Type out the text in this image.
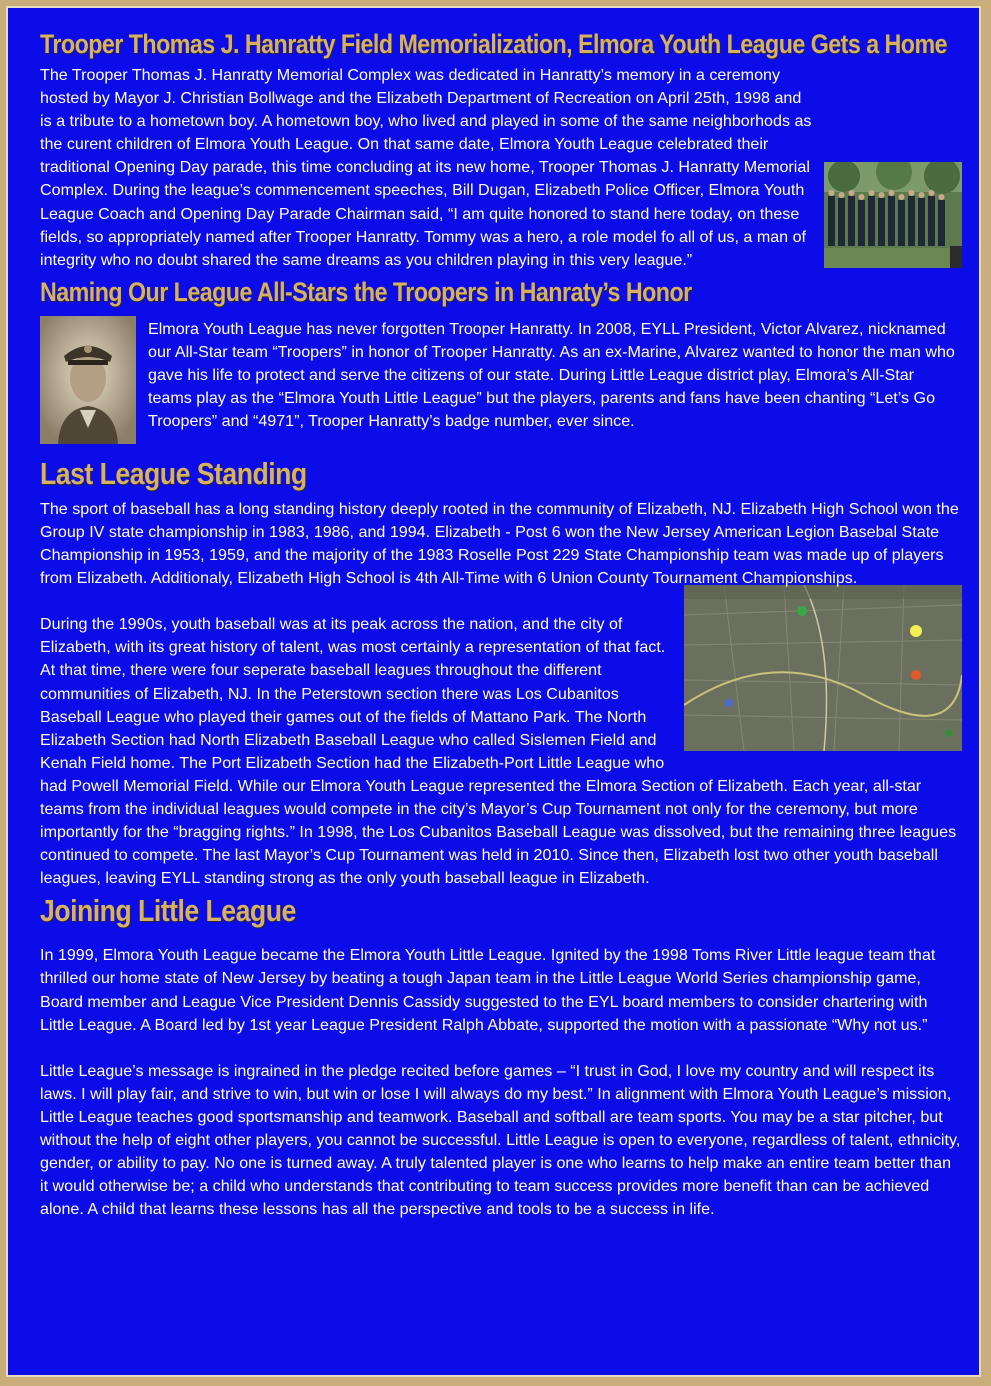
Trooper Thomas J. Hanratty Field Memorialization, Elmora Youth League Gets a Home

The Trooper Thomas J. Hanratty Memorial Complex was dedicated in Hanratty’s memory in a ceremony hosted by Mayor J. Christian Bollwage and the Elizabeth Department of Recreation on April 25th, 1998 and is a tribute to a hometown boy. A hometown boy, who lived and played in some of the same neighborhods as the curent children of Elmora Youth League. On that same date, Elmora Youth League celebrated their traditional Opening Day parade, this time concluding at its new home, Trooper Thomas J. Hanratty Memorial Complex. During the league’s commencement speeches, Bill Dugan, Elizabeth Police Officer, Elmora Youth League Coach and Opening Day Parade Chairman said, “I am quite honored to stand here today, on these fields, so appropriately named after Trooper Hanratty. Tommy was a hero, a role model fo all of us, a man of integrity who no doubt shared the same dreams as you children playing in this very league.”

Naming Our League All-Stars the Troopers in Hanraty’s Honor

Elmora Youth League has never forgotten Trooper Hanratty. In 2008, EYLL President, Victor Alvarez, nicknamed our All-Star team “Troopers” in honor of Trooper Hanratty. As an ex-Marine, Alvarez wanted to honor the man who gave his life to protect and serve the citizens of our state. During Little League district play, Elmora’s All-Star teams play as the “Elmora Youth Little League” but the players, parents and fans have been chanting “Let’s Go Troopers” and “4971”, Trooper Hanratty’s badge number, ever since.

Last League Standing

The sport of baseball has a long standing history deeply rooted in the community of Elizabeth, NJ. Elizabeth High School won the Group IV state championship in 1983, 1986, and 1994. Elizabeth - Post 6 won the New Jersey American Legion Basebal State Championship in 1953, 1959, and the majority of the 1983 Roselle Post 229 State Championship team was made up of players from Elizabeth. Additionaly, Elizabeth High School is 4th All-Time with 6 Union County Tournament Championships.

During the 1990s, youth baseball was at its peak across the nation, and the city of Elizabeth, with its great history of talent, was most certainly a representation of that fact. At that time, there were four seperate baseball leagues throughout the different communities of Elizabeth, NJ. In the Peterstown section there was Los Cubanitos Baseball League who played their games out of the fields of Mattano Park. The North Elizabeth Section had North Elizabeth Baseball League who called Sislemen Field and Kenah Field home. The Port Elizabeth Section had the Elizabeth-Port Little League who had Powell Memorial Field. While our Elmora Youth League represented the Elmora Section of Elizabeth. Each year, all-star teams from the individual leagues would compete in the city’s Mayor’s Cup Tournament not only for the ceremony, but more importantly for the “bragging rights.” In 1998, the Los Cubanitos Baseball League was dissolved, but the remaining three leagues continued to compete. The last Mayor’s Cup Tournament was held in 2010. Since then, Elizabeth lost two other youth baseball leagues, leaving EYLL standing strong as the only youth baseball league in Elizabeth.

Joining Little League

In 1999, Elmora Youth League became the Elmora Youth Little League. Ignited by the 1998 Toms River Little league team that thrilled our home state of New Jersey by beating a tough Japan team in the Little League World Series championship game, Board member and League Vice President Dennis Cassidy suggested to the EYL board members to consider chartering with Little League. A Board led by 1st year League President Ralph Abbate, supported the motion with a passionate “Why not us.”

Little League’s message is ingrained in the pledge recited before games – “I trust in God, I love my country and will respect its laws. I will play fair, and strive to win, but win or lose I will always do my best.” In alignment with Elmora Youth League’s mission, Little League teaches good sportsmanship and teamwork. Baseball and softball are team sports. You may be a star pitcher, but without the help of eight other players, you cannot be successful. Little League is open to everyone, regardless of talent, ethnicity, gender, or ability to pay. No one is turned away. A truly talented player is one who learns to help make an entire team better than it would otherwise be; a child who understands that contributing to team success provides more benefit than can be achieved alone. A child that learns these lessons has all the perspective and tools to be a success in life.
